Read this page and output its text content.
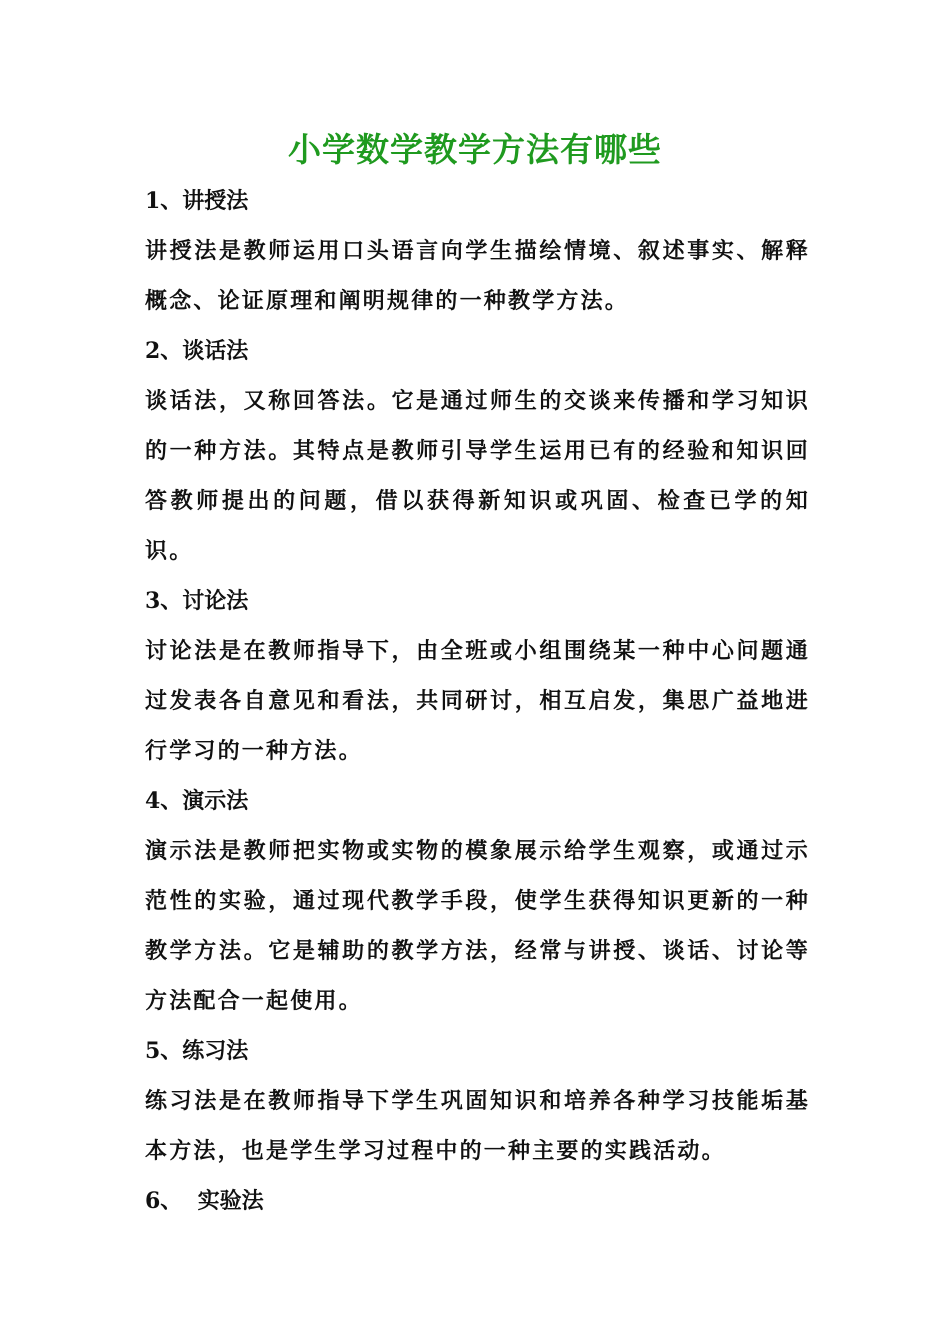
小学数学教学方法有哪些
1、讲授法
讲授法是教师运用口头语言向学生描绘情境、叙述事实、解释概念、论证原理和阐明规律的一种教学方法。
2、谈话法
谈话法，又称回答法。它是通过师生的交谈来传播和学习知识的一种方法。其特点是教师引导学生运用已有的经验和知识回答教师提出的问题，借以获得新知识或巩固、检查已学的知识。
3、讨论法
讨论法是在教师指导下，由全班或小组围绕某一种中心问题通过发表各自意见和看法，共同研讨，相互启发，集思广益地进行学习的一种方法。
4、演示法
演示法是教师把实物或实物的模象展示给学生观察，或通过示范性的实验，通过现代教学手段，使学生获得知识更新的一种教学方法。它是辅助的教学方法，经常与讲授、谈话、讨论等方法配合一起使用。
5、练习法
练习法是在教师指导下学生巩固知识和培养各种学习技能垢基本方法，也是学生学习过程中的一种主要的实践活动。
6、  实验法
